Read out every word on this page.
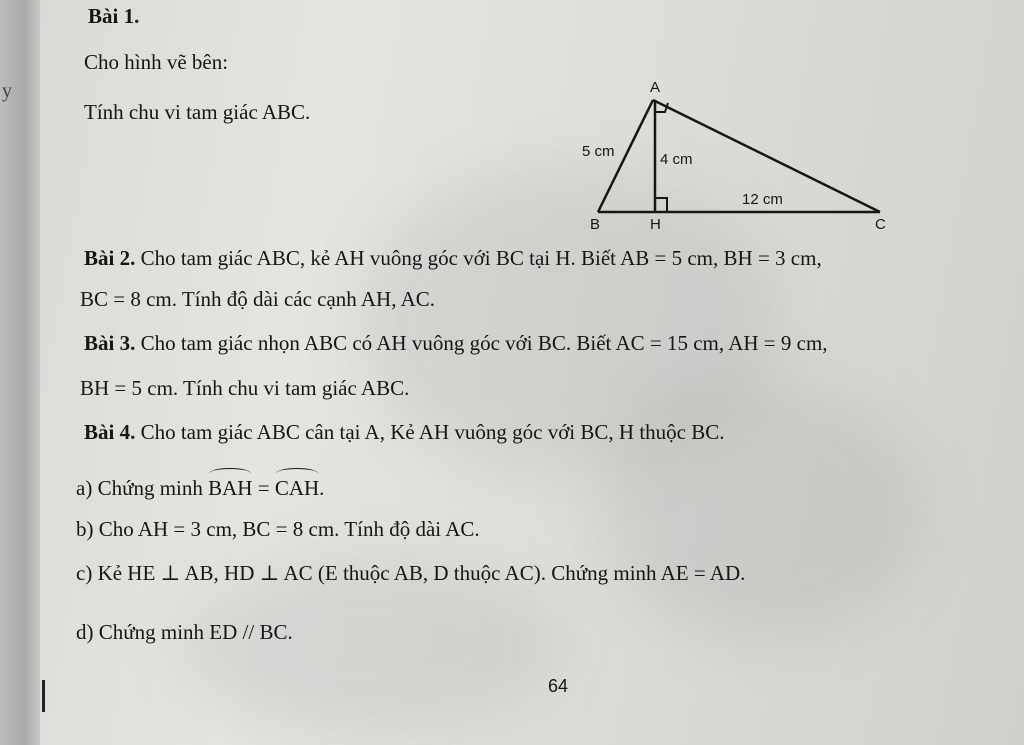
y
Bài 1.
Cho hình vẽ bên:
Tính chu vi tam giác ABC.
A
B	H	C
5 cm	4 cm
12 cm
Bài 2. Cho tam giác ABC, kẻ AH vuông góc với BC tại H. Biết AB = 5 cm, BH = 3 cm,
BC = 8 cm. Tính độ dài các cạnh AH, AC.
Bài 3. Cho tam giác nhọn ABC có AH vuông góc với BC. Biết AC = 15 cm, AH = 9 cm,
BH = 5 cm. Tính chu vi tam giác ABC.
Bài 4. Cho tam giác ABC cân tại A, Kẻ AH vuông góc với BC, H thuộc BC.
a) Chứng minh BAH = CAH.
b) Cho AH = 3 cm, BC = 8 cm. Tính độ dài AC.
c) Kẻ HE ⊥ AB, HD ⊥ AC (E thuộc AB, D thuộc AC). Chứng minh AE = AD.
d) Chứng minh ED // BC.
64
